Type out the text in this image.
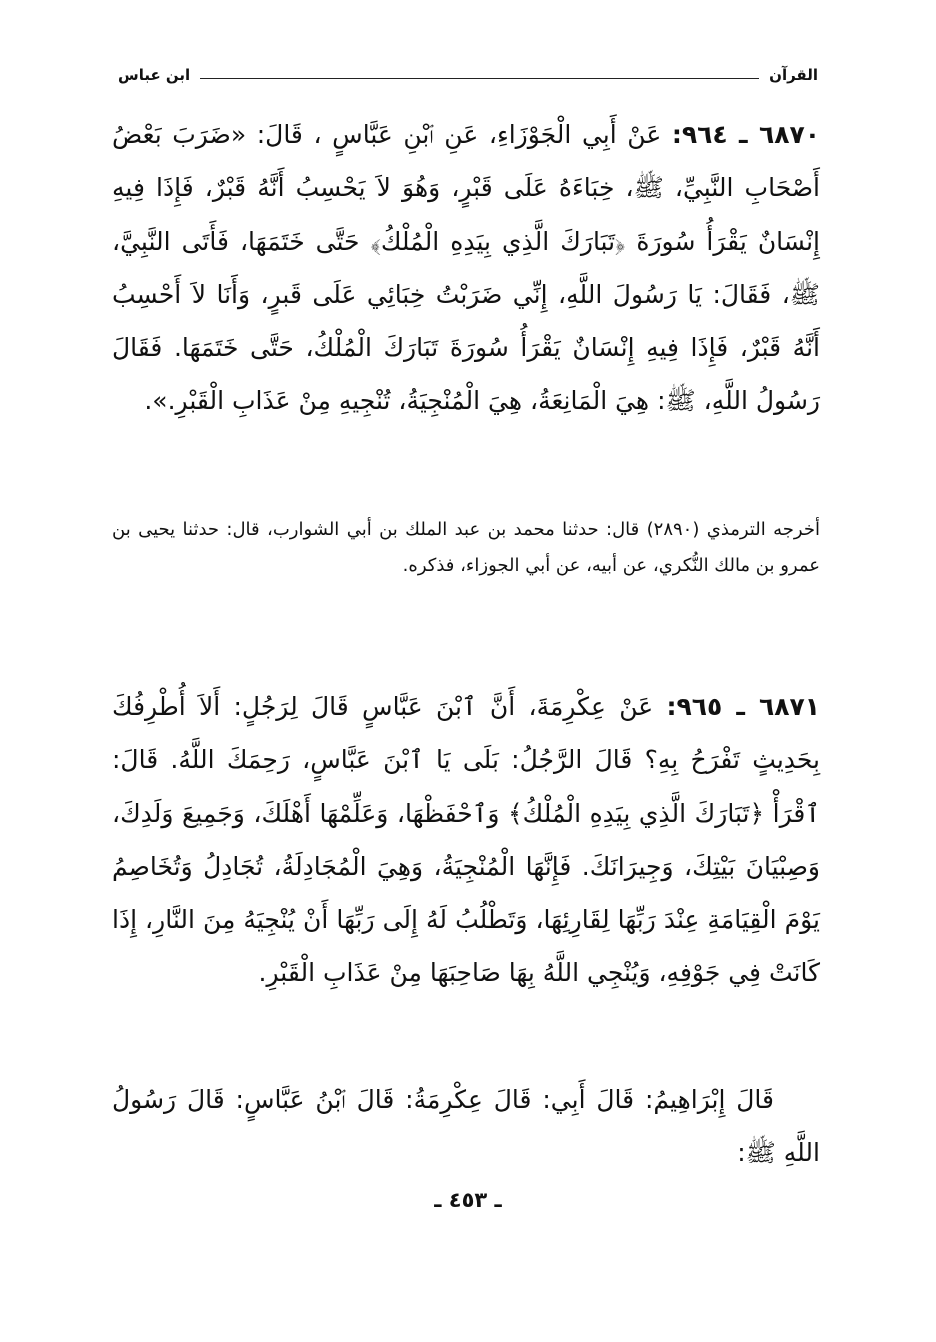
القرآن
ابن عباس
٦٨٧٠ ـ ٩٦٤: عَنْ أَبِي الْجَوْزَاءِ، عَنِ ٱبْنِ عَبَّاسٍ ، قَالَ: «ضَرَبَ بَعْضُ أَصْحَابِ النَّبِيِّ، ﷺ، خِبَاءَهُ عَلَى قَبْرٍ، وَهُوَ لاَ يَحْسِبُ أَنَّهُ قَبْرٌ، فَإِذَا فِيهِ إِنْسَانٌ يَقْرَأُ سُورَةَ ﴿تَبَارَكَ الَّذِي بِيَدِهِ الْمُلْكُ﴾ حَتَّى خَتَمَهَا، فَأَتَى النَّبِيَّ، ﷺ، فَقَالَ: يَا رَسُولَ اللَّهِ، إِنِّي ضَرَبْتُ خِبَائِي عَلَى قَبرٍ، وَأَنَا لاَ أَحْسِبُ أَنَّهُ قَبْرٌ، فَإِذَا فِيهِ إِنْسَانٌ يَقْرَأُ سُورَةَ تَبَارَكَ الْمُلْكُ، حَتَّى خَتَمَهَا. فَقَالَ رَسُولُ اللَّهِ، ﷺ: هِيَ الْمَانِعَةُ، هِيَ الْمُنْجِيَةُ، تُنْجِيهِ مِنْ عَذَابِ الْقَبْرِ.».
أخرجه الترمذي (٢٨٩٠) قال: حدثنا محمد بن عبد الملك بن أبي الشوارب، قال: حدثنا يحيى بن عمرو بن مالك النُّكري، عن أبيه، عن أبي الجوزاء، فذكره.
٦٨٧١ ـ ٩٦٥: عَنْ عِكْرِمَةَ، أَنَّ ٱبْنَ عَبَّاسٍ قَالَ لِرَجُلٍ: أَلاَ أُطْرِفُكَ بِحَدِيثٍ تَفْرَحُ بِهِ؟ قَالَ الرَّجُلُ: بَلَى يَا ٱبْنَ عَبَّاسٍ، رَحِمَكَ اللَّهُ. قَالَ: ٱقْرَأْ ﴿تَبَارَكَ الَّذِي بِيَدِهِ الْمُلْكُ﴾ وَٱحْفَظْهَا، وَعَلِّمْهَا أَهْلَكَ، وَجَمِيعَ وَلَدِكَ، وَصِبْيَانَ بَيْتِكَ، وَجِيرَانَكَ. فَإِنَّهَا الْمُنْجِيَةُ، وَهِيَ الْمُجَادِلَةُ، تُجَادِلُ وَتُخَاصِمُ يَوْمَ الْقِيَامَةِ عِنْدَ رَبِّهَا لِقَارِئِهَا، وَتَطْلُبُ لَهُ إِلَى رَبِّهَا أَنْ يُنْجِيَهُ مِنَ النَّارِ، إِذَا كَانَتْ فِي جَوْفِهِ، وَيُنْجِي اللَّهُ بِهَا صَاحِبَهَا مِنْ عَذَابِ الْقَبْرِ.
قَالَ إِبْرَاهِيمُ: قَالَ أَبِي: قَالَ عِكْرِمَةُ: قَالَ ٱبْنُ عَبَّاسٍ: قَالَ رَسُولُ اللَّهِ ﷺ:
ـ ٤٥٣ ـ
